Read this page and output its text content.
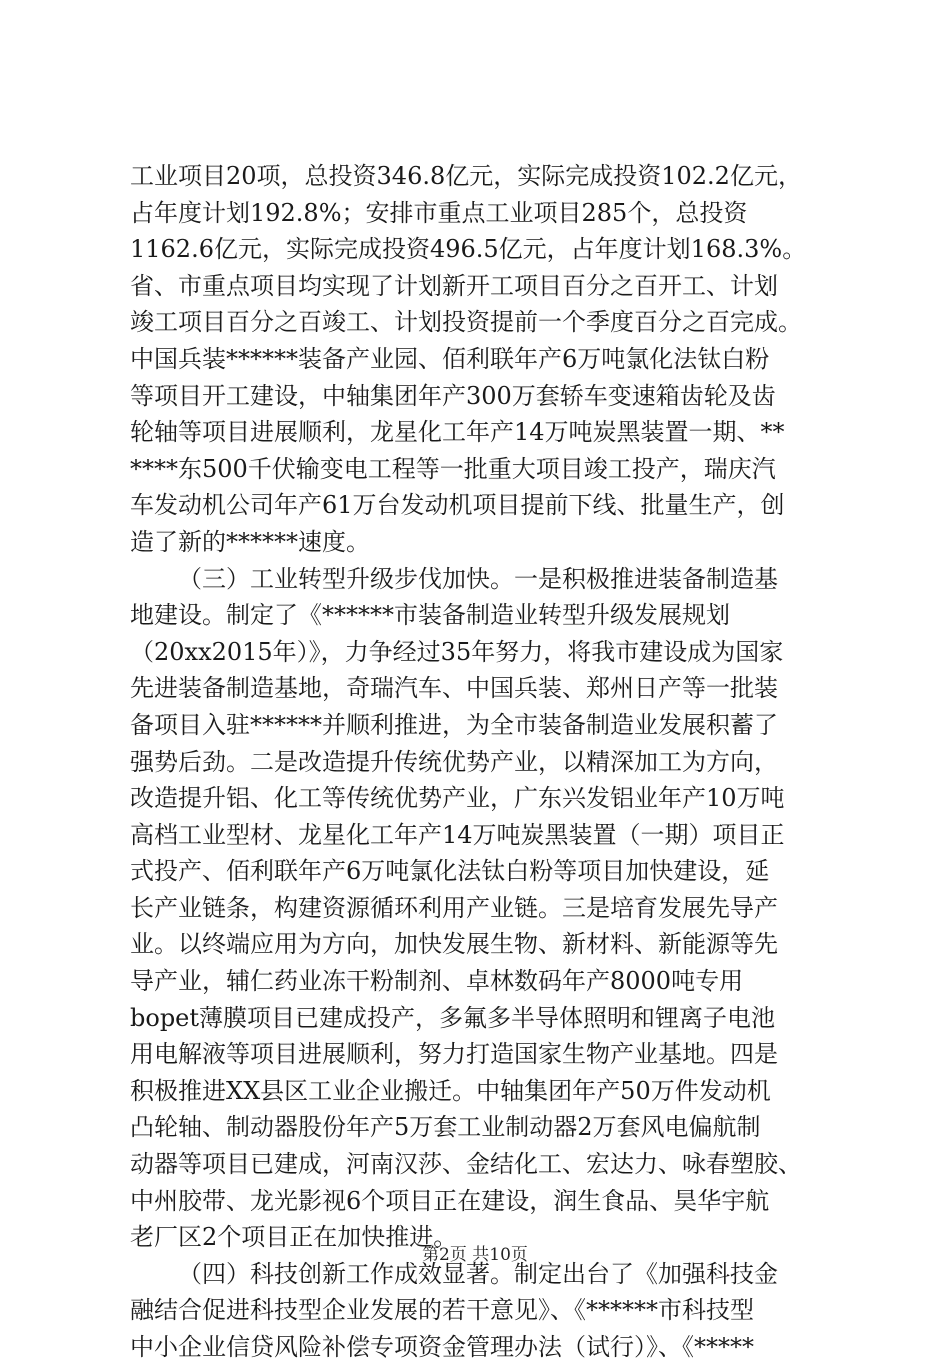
工业项目20项，总投资346.8亿元，实际完成投资102.2亿元，
占年度计划192.8%；安排市重点工业项目285个，总投资
1162.6亿元，实际完成投资496.5亿元，占年度计划168.3%。
省、市重点项目均实现了计划新开工项目百分之百开工、计划
竣工项目百分之百竣工、计划投资提前一个季度百分之百完成。
中国兵装******装备产业园、佰利联年产6万吨氯化法钛白粉
等项目开工建设，中轴集团年产300万套轿车变速箱齿轮及齿
轮轴等项目进展顺利，龙星化工年产14万吨炭黑装置一期、**
****东500千伏输变电工程等一批重大项目竣工投产，瑞庆汽
车发动机公司年产61万台发动机项目提前下线、批量生产，创
造了新的******速度。
（三）工业转型升级步伐加快。一是积极推进装备制造基
地建设。制定了《******市装备制造业转型升级发展规划
（20xx2015年）》，力争经过35年努力，将我市建设成为国家
先进装备制造基地，奇瑞汽车、中国兵装、郑州日产等一批装
备项目入驻******并顺利推进，为全市装备制造业发展积蓄了
强势后劲。二是改造提升传统优势产业，以精深加工为方向，
改造提升铝、化工等传统优势产业，广东兴发铝业年产10万吨
高档工业型材、龙星化工年产14万吨炭黑装置（一期）项目正
式投产、佰利联年产6万吨氯化法钛白粉等项目加快建设，延
长产业链条，构建资源循环利用产业链。三是培育发展先导产
业。以终端应用为方向，加快发展生物、新材料、新能源等先
导产业，辅仁药业冻干粉制剂、卓林数码年产8000吨专用
bopet薄膜项目已建成投产，多氟多半导体照明和锂离子电池
用电解液等项目进展顺利，努力打造国家生物产业基地。四是
积极推进XX县区工业企业搬迁。中轴集团年产50万件发动机
凸轮轴、制动器股份年产5万套工业制动器2万套风电偏航制
动器等项目已建成，河南汉莎、金结化工、宏达力、咏春塑胶、
中州胶带、龙光影视6个项目正在建设，润生食品、昊华宇航
老厂区2个项目正在加快推进。
（四）科技创新工作成效显著。制定出台了《加强科技金
融结合促进科技型企业发展的若干意见》、《******市科技型
中小企业信贷风险补偿专项资金管理办法（试行）》、《*****
第2页 共10页
